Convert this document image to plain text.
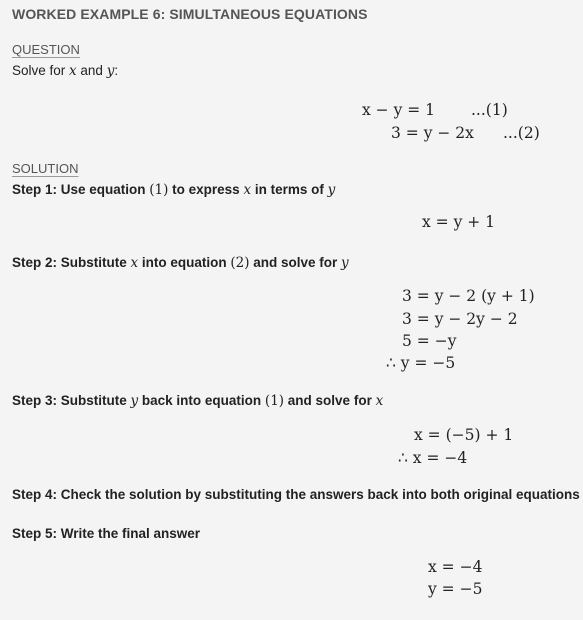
WORKED EXAMPLE 6: SIMULTANEOUS EQUATIONS
QUESTION
Solve for x and y:
x − y = 1 ...(1)
3 = y − 2x ...(2)
SOLUTION
Step 1: Use equation (1) to express x in terms of y
x = y + 1
Step 2: Substitute x into equation (2) and solve for y
3 = y − 2 (y + 1)
3 = y − 2y − 2
5 = −y
∴ y = −5
Step 3: Substitute y back into equation (1) and solve for x
x = (−5) + 1
∴ x = −4
Step 4: Check the solution by substituting the answers back into both original equations
Step 5: Write the final answer
x = −4
y = −5
